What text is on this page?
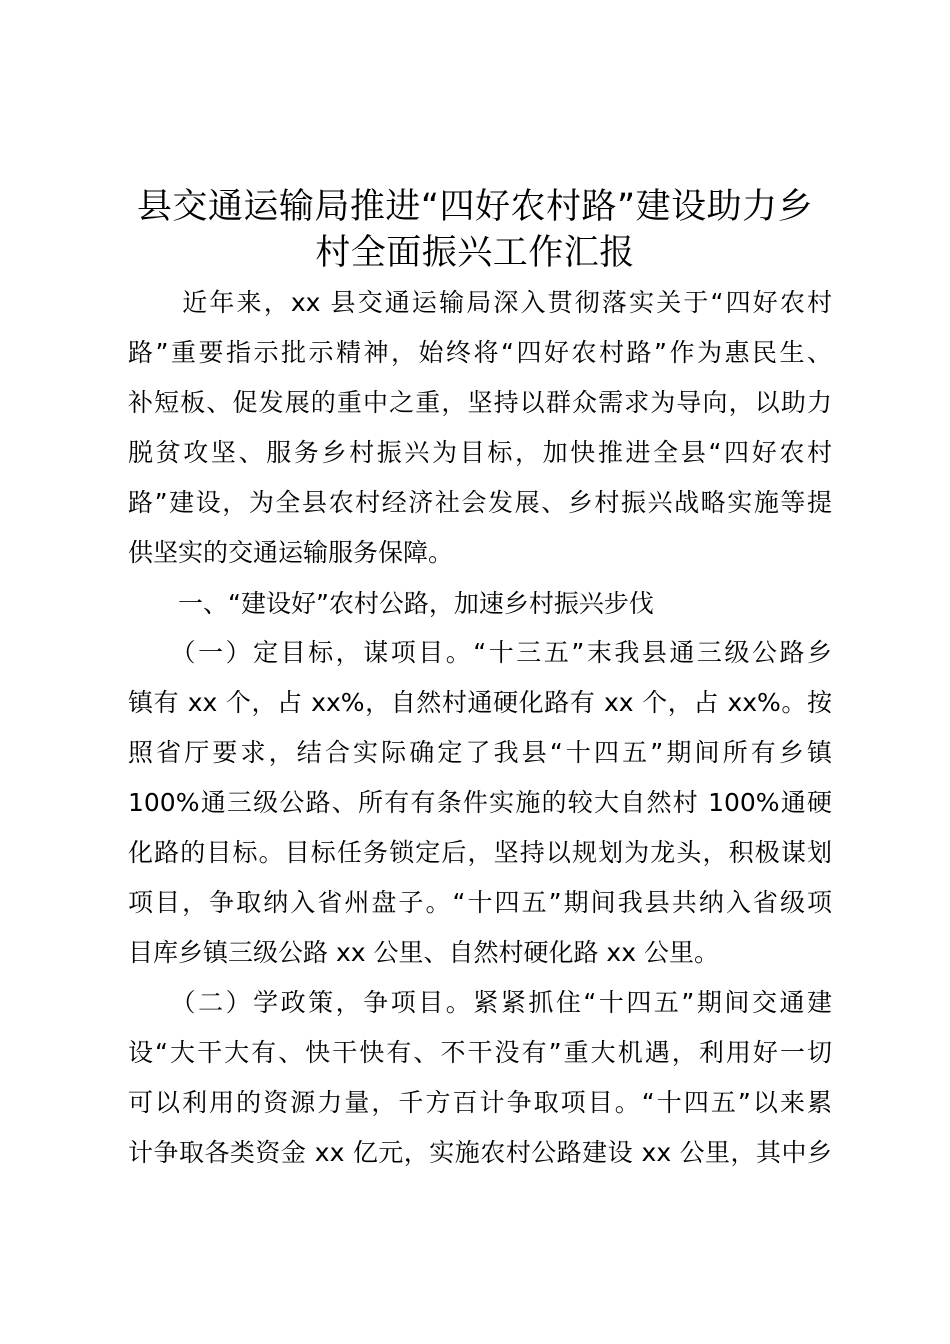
县交通运输局推进“四好农村路”建设助力乡
村全面振兴工作汇报

　　近年来，xx 县交通运输局深入贯彻落实关于“四好农村

路”重要指示批示精神，始终将“四好农村路”作为惠民生、

补短板、促发展的重中之重，坚持以群众需求为导向，以助力

脱贫攻坚、服务乡村振兴为目标，加快推进全县“四好农村

路”建设，为全县农村经济社会发展、乡村振兴战略实施等提

供坚实的交通运输服务保障。

　　一、“建设好”农村公路，加速乡村振兴步伐

　　（一）定目标，谋项目。“十三五”末我县通三级公路乡

镇有 xx 个，占 xx%，自然村通硬化路有 xx 个，占 xx%。按

照省厅要求，结合实际确定了我县“十四五”期间所有乡镇

100%通三级公路、所有有条件实施的较大自然村 100%通硬

化路的目标。目标任务锁定后，坚持以规划为龙头，积极谋划

项目，争取纳入省州盘子。“十四五”期间我县共纳入省级项

目库乡镇三级公路 xx 公里、自然村硬化路 xx 公里。

　　（二）学政策，争项目。紧紧抓住“十四五”期间交通建

设“大干大有、快干快有、不干没有”重大机遇，利用好一切

可以利用的资源力量，千方百计争取项目。“十四五”以来累

计争取各类资金 xx 亿元，实施农村公路建设 xx 公里，其中乡
